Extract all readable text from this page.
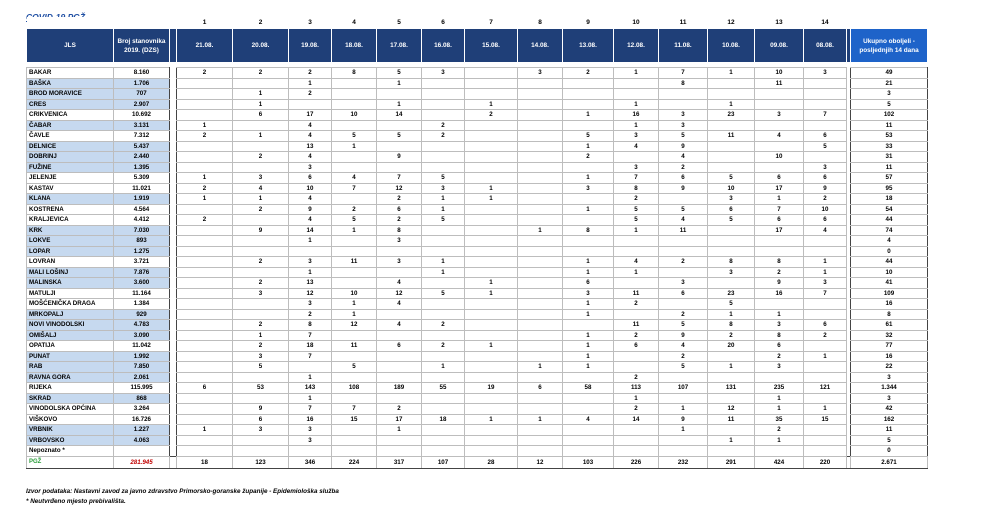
			1	2	3	4	5	6	7	8	9	10	11	12	13	14		
JLS	Broj stanovnika 2019. (DZS)		21.08.	20.08.	19.08.	18.08.	17.08.	16.08.	15.08.	14.08.	13.08.	12.08.	11.08.	10.08.	09.08.	08.08.		Ukupno oboljeli - posljednjih 14 dana

BAKAR	8.160		2	2	2	8	5	3		3	2	1	7	1	10	3		49
BAŠKA	1.706				1		1						8		11			21
BROD MORAVICE	707			1	2													3
CRES	2.907			1			1		1			1		1				5
CRIKVENICA	10.692			6	17	10	14		2		1	16	3	23	3	7		102
ČABAR	3.131		1		4			2				1	3					11
ČAVLE	7.312		2	1	4	5	5	2			5	3	5	11	4	6		53
DELNICE	5.437				13	1					1	4	9			5		33
DOBRINJ	2.440			2	4		9				2		4		10			31
FUŽINE	1.395				3							3	2			3		11
JELENJE	5.309		1	3	6	4	7	5			1	7	6	5	6	6		57
KASTAV	11.021		2	4	10	7	12	3	1		3	8	9	10	17	9		95
KLANA	1.919		1	1	4		2	1	1			2		3	1	2		18
KOSTRENA	4.564			2	9	2	6	1			1	5	5	6	7	10		54
KRALJEVICA	4.412		2		4	5	2	5				5	4	5	6	6		44
KRK	7.030			9	14	1	8			1	8	1	11		17	4		74
LOKVE	893				1		3											4
LOPAR	1.275																	0
LOVRAN	3.721			2	3	11	3	1			1	4	2	8	8	1		44
MALI LOŠINJ	7.876				1			1			1	1		3	2	1		10
MALINSKA	3.600			2	13		4		1		6		3		9	3		41
MATULJI	11.164			3	12	10	12	5	1		3	11	6	23	16	7		109
MOŠĆENIČKA DRAGA	1.384				3	1	4				1	2		5				16
MRKOPALJ	929				2	1					1		2	1	1			8
NOVI VINODOLSKI	4.783			2	8	12	4	2				11	5	8	3	6		61
OMIŠALJ	3.090			1	7						1	2	9	2	8	2		32
OPATIJA	11.042			2	18	11	6	2	1		1	6	4	20	6			77
PUNAT	1.992			3	7						1		2		2	1		16
RAB	7.850			5		5		1		1	1		5	1	3			22
RAVNA GORA	2.061				1							2						3
RIJEKA	115.995		6	53	143	108	189	55	19	6	58	113	107	131	235	121		1.344
SKRAD	868				1							1			1			3
VINODOLSKA OPĆINA	3.264			9	7	7	2					2	1	12	1	1		42
VIŠKOVO	16.726			6	16	15	17	18	1	1	4	14	9	11	35	15		162
VRBNIK	1.227		1	3	3		1						1		2			11
VRBOVSKO	4.063				3									1	1			5
Nepoznato *																		0
PGŽ	281.945		18	123	346	224	317	107	28	12	103	226	232	291	424	220		2.671
Izvor podataka: Nastavni zavod za javno zdravstvo Primorsko-goranske županije - Epidemiološka služba
* Neutvrđeno mjesto prebivališta.
